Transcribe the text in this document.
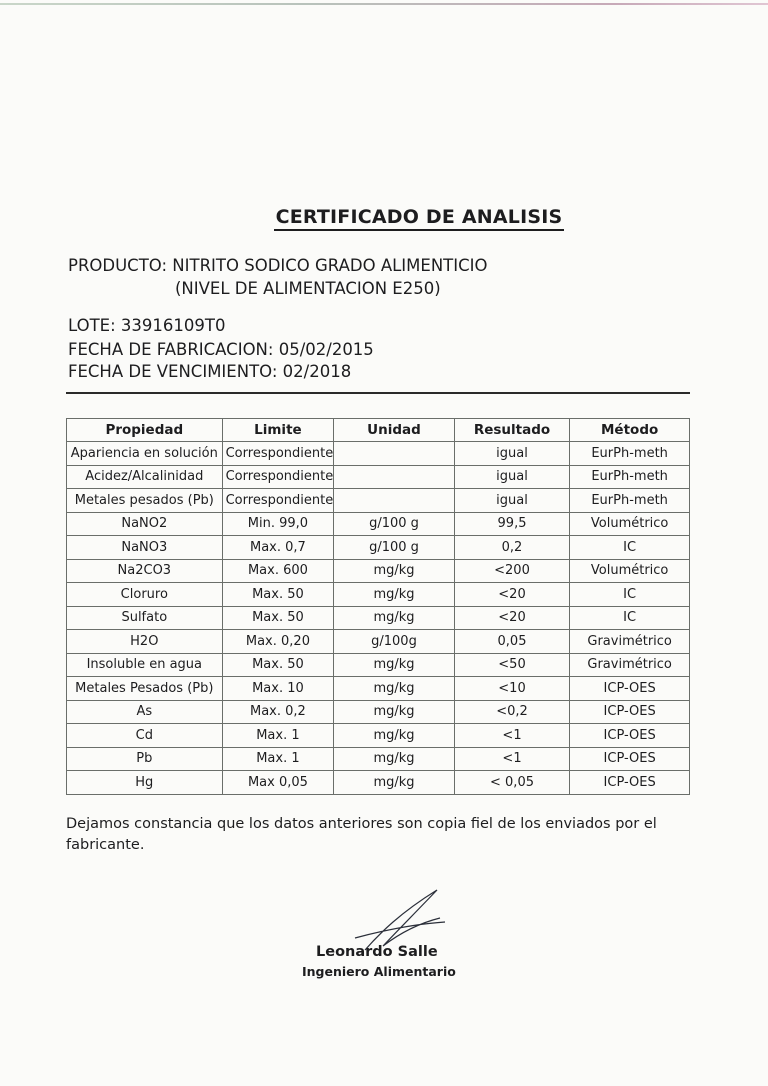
CERTIFICADO DE ANALISIS
PRODUCTO: NITRITO SODICO GRADO ALIMENTICIO
(NIVEL DE ALIMENTACION E250)
LOTE: 33916109T0
FECHA DE FABRICACION: 05/02/2015
FECHA DE VENCIMIENTO: 02/2018
Propiedad	Limite	Unidad	Resultado	Método
Apariencia en solución	Correspondiente		igual	EurPh-meth
Acidez/Alcalinidad	Correspondiente		igual	EurPh-meth
Metales pesados (Pb)	Correspondiente		igual	EurPh-meth
NaNO2	Min. 99,0	g/100 g	99,5	Volumétrico
NaNO3	Max. 0,7	g/100 g	0,2	IC
Na2CO3	Max. 600	mg/kg	<200	Volumétrico
Cloruro	Max. 50	mg/kg	<20	IC
Sulfato	Max. 50	mg/kg	<20	IC
H2O	Max. 0,20	g/100g	0,05	Gravimétrico
Insoluble en agua	Max. 50	mg/kg	<50	Gravimétrico
Metales Pesados (Pb)	Max. 10	mg/kg	<10	ICP-OES
As	Max. 0,2	mg/kg	<0,2	ICP-OES
Cd	Max. 1	mg/kg	<1	ICP-OES
Pb	Max. 1	mg/kg	<1	ICP-OES
Hg	Max 0,05	mg/kg	< 0,05	ICP-OES
Dejamos constancia que los datos anteriores son copia fiel de los enviados por el fabricante.
Leonardo Salle
Ingeniero Alimentario
